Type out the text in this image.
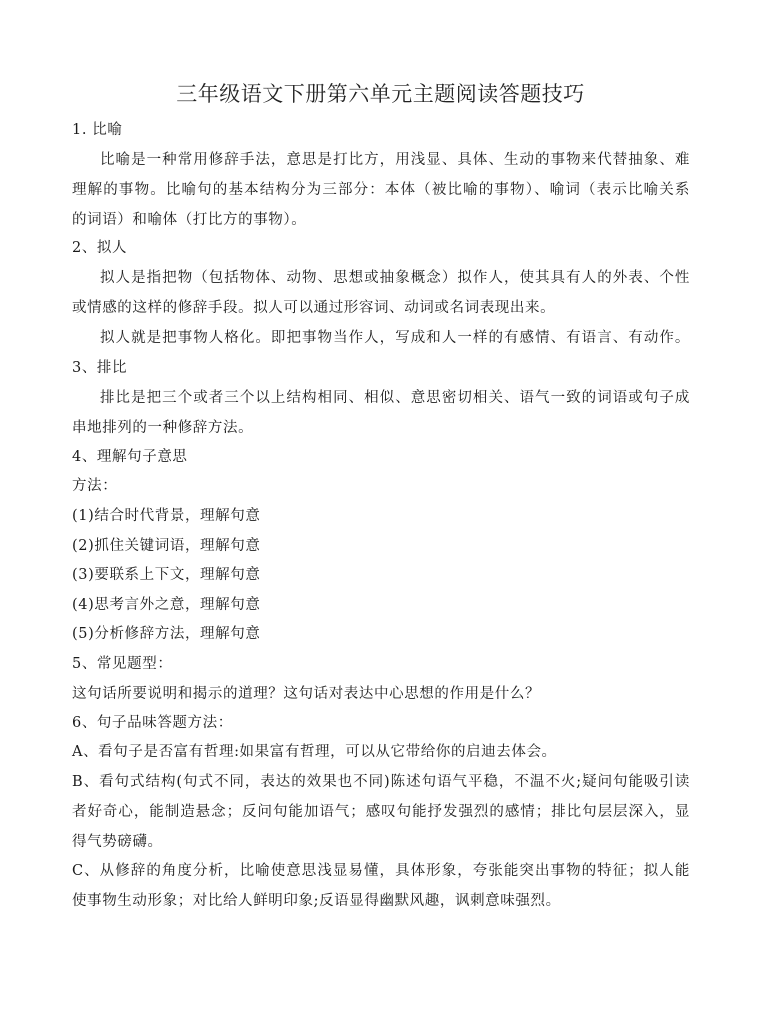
三年级语文下册第六单元主题阅读答题技巧
1. 比喻
比喻是一种常用修辞手法，意思是打比方，用浅显、具体、生动的事物来代替抽象、难
理解的事物。比喻句的基本结构分为三部分：本体（被比喻的事物）、喻词（表示比喻关系
的词语）和喻体（打比方的事物）。
2、拟人
拟人是指把物（包括物体、动物、思想或抽象概念）拟作人，使其具有人的外表、个性
或情感的这样的修辞手段。拟人可以通过形容词、动词或名词表现出来。
拟人就是把事物人格化。即把事物当作人，写成和人一样的有感情、有语言、有动作。
3、排比
排比是把三个或者三个以上结构相同、相似、意思密切相关、语气一致的词语或句子成
串地排列的一种修辞方法。
4、理解句子意思
方法：
(1)结合时代背景，理解句意
(2)抓住关键词语，理解句意
(3)要联系上下文，理解句意
(4)思考言外之意，理解句意
(5)分析修辞方法，理解句意
5、常见题型：
这句话所要说明和揭示的道理？这句话对表达中心思想的作用是什么？
6、句子品味答题方法：
A、看句子是否富有哲理:如果富有哲理，可以从它带给你的启迪去体会。
B、看句式结构(句式不同，表达的效果也不同)陈述句语气平稳，不温不火;疑问句能吸引读
者好奇心，能制造悬念；反问句能加语气；感叹句能抒发强烈的感情；排比句层层深入，显
得气势磅礴。
C、从修辞的角度分析，比喻使意思浅显易懂，具体形象，夸张能突出事物的特征；拟人能
使事物生动形象；对比给人鲜明印象;反语显得幽默风趣，讽刺意味强烈。
